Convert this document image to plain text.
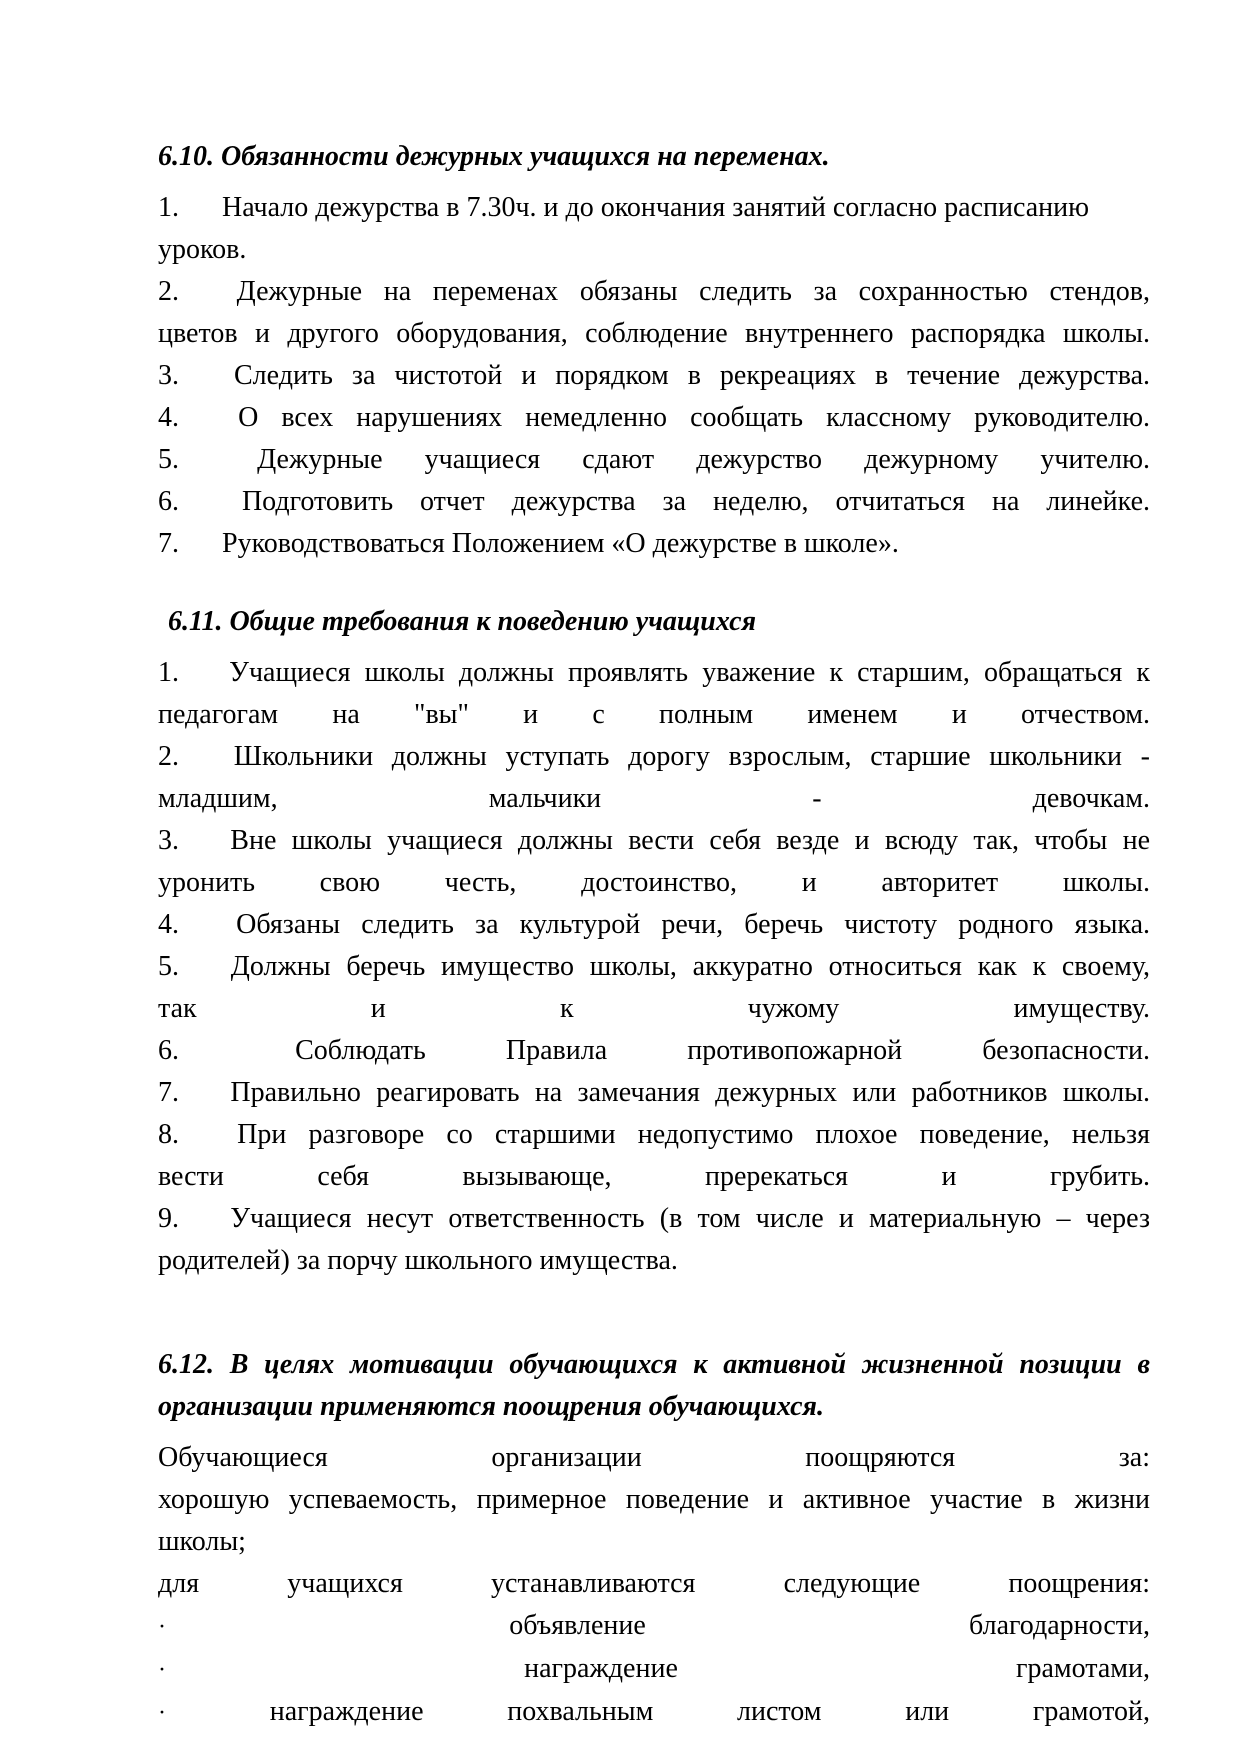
6.10. Обязанности дежурных учащихся на переменах.
1. Начало дежурства в 7.30ч. и до окончания занятий согласно расписанию
уроков.
2. Дежурные на переменах обязаны следить за сохранностью стендов,
цветов и другого оборудования, соблюдение внутреннего распорядка школы.
3. Следить за чистотой и порядком в рекреациях в течение дежурства.
4. О всех нарушениях немедленно сообщать классному руководителю.
5.	Дежурные учащиеся сдают дежурство дежурному учителю.
6. Подготовить отчет дежурства за неделю, отчитаться на линейке.
7. Руководствоваться Положением «О дежурстве в школе».
6.11. Общие требования к поведению учащихся
1. Учащиеся школы должны проявлять уважение к старшим, обращаться к
педагогам на "вы" и с полным именем и отчеством.
2. Школьники должны уступать дорогу взрослым, старшие школьники -
младшим, мальчики - девочкам.
3. Вне школы учащиеся должны вести себя везде и всюду так, чтобы не
уронить свою честь, достоинство, и авторитет школы.
4. Обязаны следить за культурой речи, беречь чистоту родного языка.
5. Должны беречь имущество школы, аккуратно относиться как к своему,
так и к чужому имуществу.
6.	Соблюдать Правила противопожарной безопасности.
7. Правильно реагировать на замечания дежурных или работников школы.
8. При разговоре со старшими недопустимо плохое поведение, нельзя
вести себя вызывающе, пререкаться и грубить.
9. Учащиеся несут ответственность (в том числе и материальную – через
родителей) за порчу школьного имущества.
6.12. В целях мотивации обучающихся к активной жизненной позиции в
организации применяются поощрения обучающихся.
Обучающиеся организации поощряются за:
хорошую успеваемость, примерное поведение и активное участие в жизни
школы;
для учащихся устанавливаются следующие поощрения:
·	объявление благодарности,
·	награждение грамотами,
·	награждение похвальным листом или грамотой,
